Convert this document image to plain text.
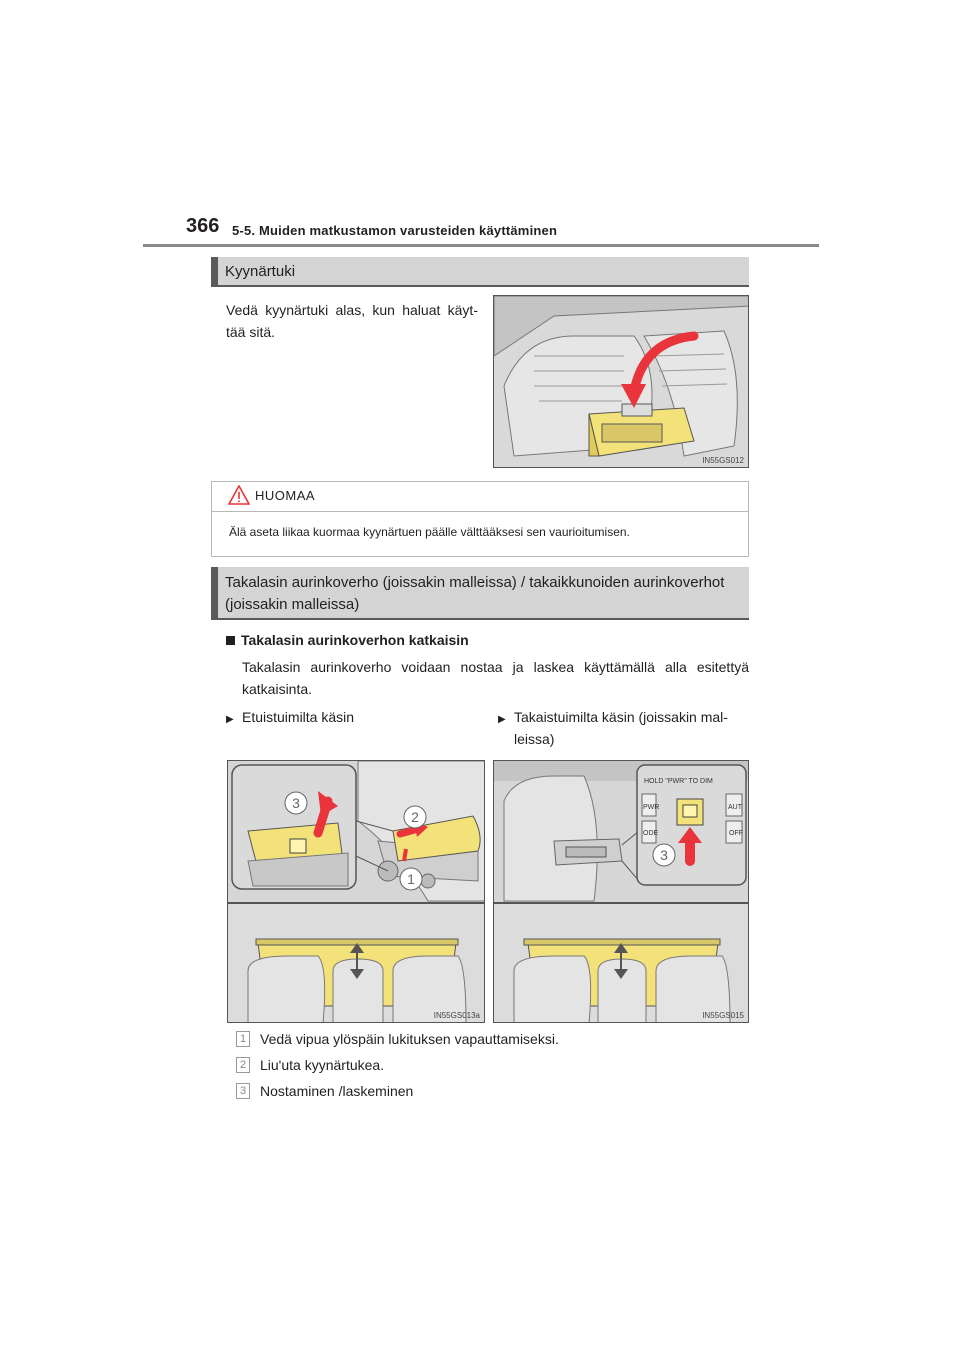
366 5-5. Muiden matkustamon varusteiden käyttäminen
Kyynärtuki
Vedä kyynärtuki alas, kun haluat käyt- tää sitä.
IN55GS012
HUOMAA
Älä aseta liikaa kuormaa kyynärtuen päälle välttääksesi sen vaurioitumisen.
Takalasin aurinkoverho (joissakin malleissa) / takaikkunoiden aurinkoverhot
(joissakin malleissa)
Takalasin aurinkoverhon katkaisin
Takalasin aurinkoverho voidaan nostaa ja laskea käyttämällä alla esitettyä katkaisinta.
▶ Etuistuimilta käsin	▶ Takaistuimilta käsin (joissakin mal-
leissa)
3
2
1
IN55GS013a
HOLD "PWR" TO DIM
PWR	AUT
ODE	OFF
3
IN55GS015
1 Vedä vipua ylöspäin lukituksen vapauttamiseksi.
2 Liu'uta kyynärtukea.
3 Nostaminen /laskeminen
